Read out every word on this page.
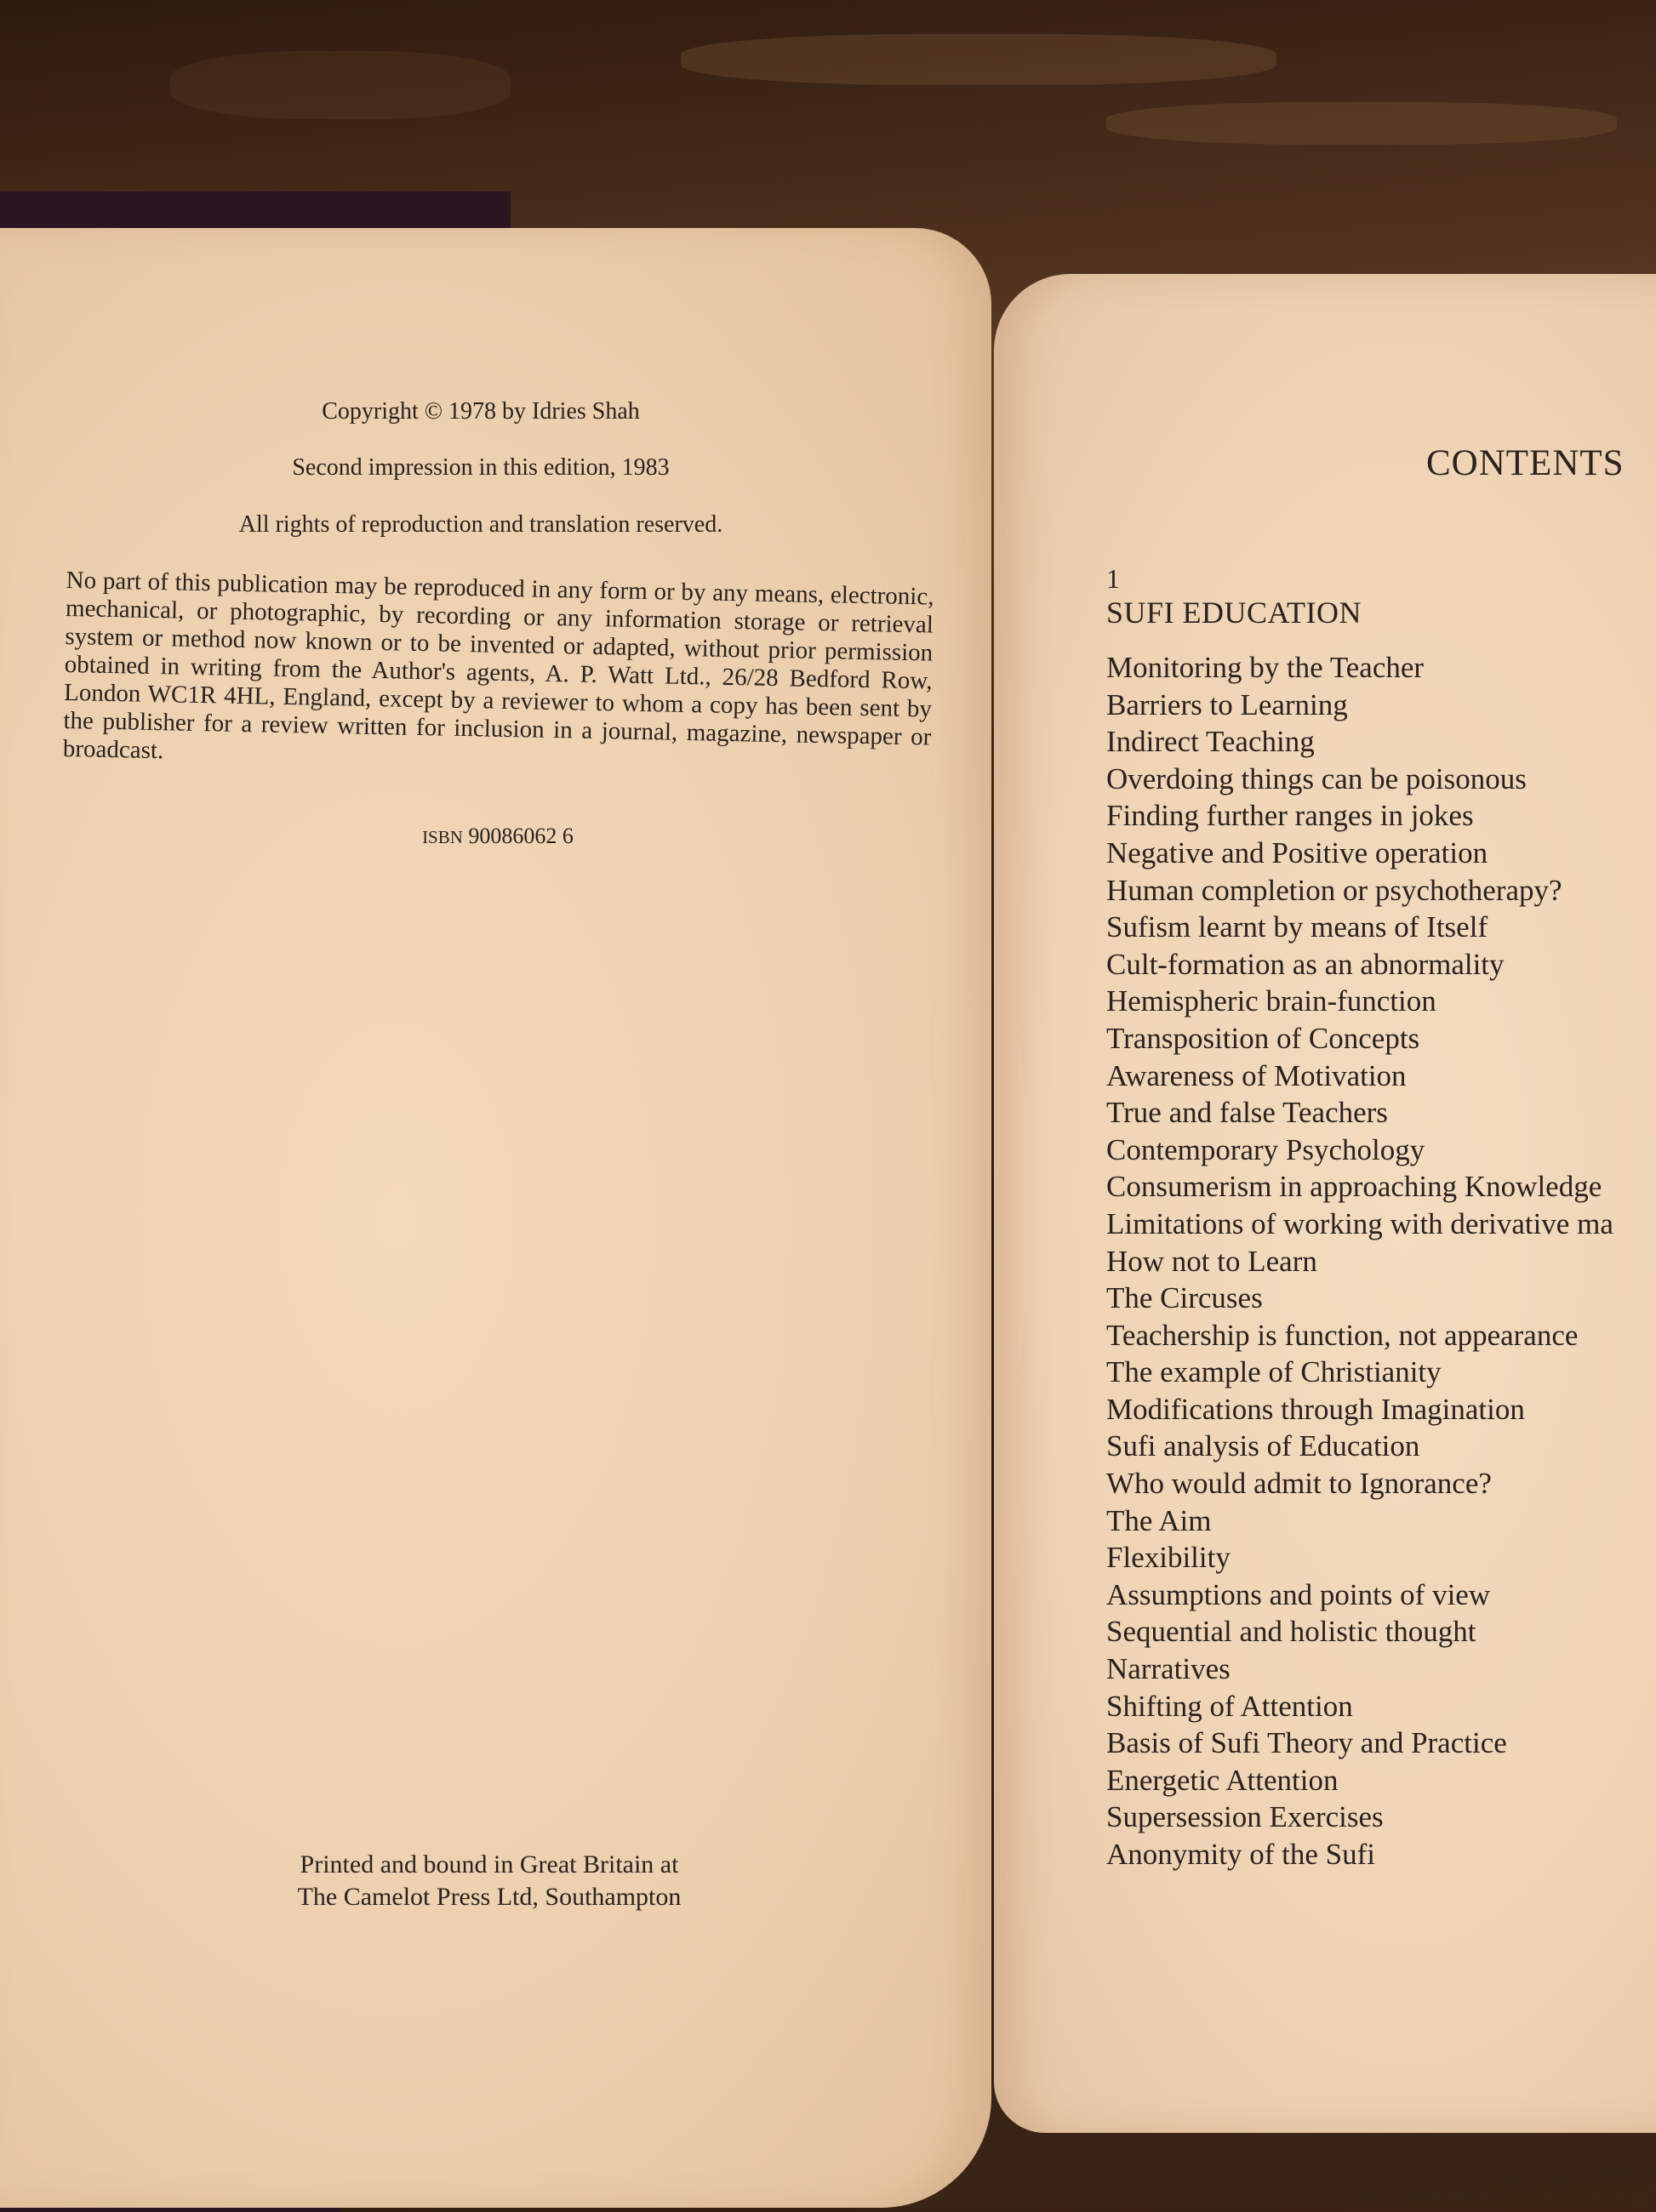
Copyright © 1978 by Idries Shah
Second impression in this edition, 1983
All rights of reproduction and translation reserved.
No part of this publication may be reproduced in any form or by any means, electronic, mechanical, or photographic, by recording or any information storage or retrieval system or method now known or to be invented or adapted, without prior permission obtained in writing from the Author's agents, A. P. Watt Ltd., 26/28 Bedford Row, London WC1R 4HL, England, except by a reviewer to whom a copy has been sent by the publisher for a review written for inclusion in a journal, magazine, newspaper or broadcast.
ISBN 90086062 6
Printed and bound in Great Britain at
The Camelot Press Ltd, Southampton
CONTENTS
1
SUFI EDUCATION
Monitoring by the Teacher
Barriers to Learning
Indirect Teaching
Overdoing things can be poisonous
Finding further ranges in jokes
Negative and Positive operation
Human completion or psychotherapy?
Sufism learnt by means of Itself
Cult-formation as an abnormality
Hemispheric brain-function
Transposition of Concepts
Awareness of Motivation
True and false Teachers
Contemporary Psychology
Consumerism in approaching Knowledge
Limitations of working with derivative ma
How not to Learn
The Circuses
Teachership is function, not appearance
The example of Christianity
Modifications through Imagination
Sufi analysis of Education
Who would admit to Ignorance?
The Aim
Flexibility
Assumptions and points of view
Sequential and holistic thought
Narratives
Shifting of Attention
Basis of Sufi Theory and Practice
Energetic Attention
Supersession Exercises
Anonymity of the Sufi
